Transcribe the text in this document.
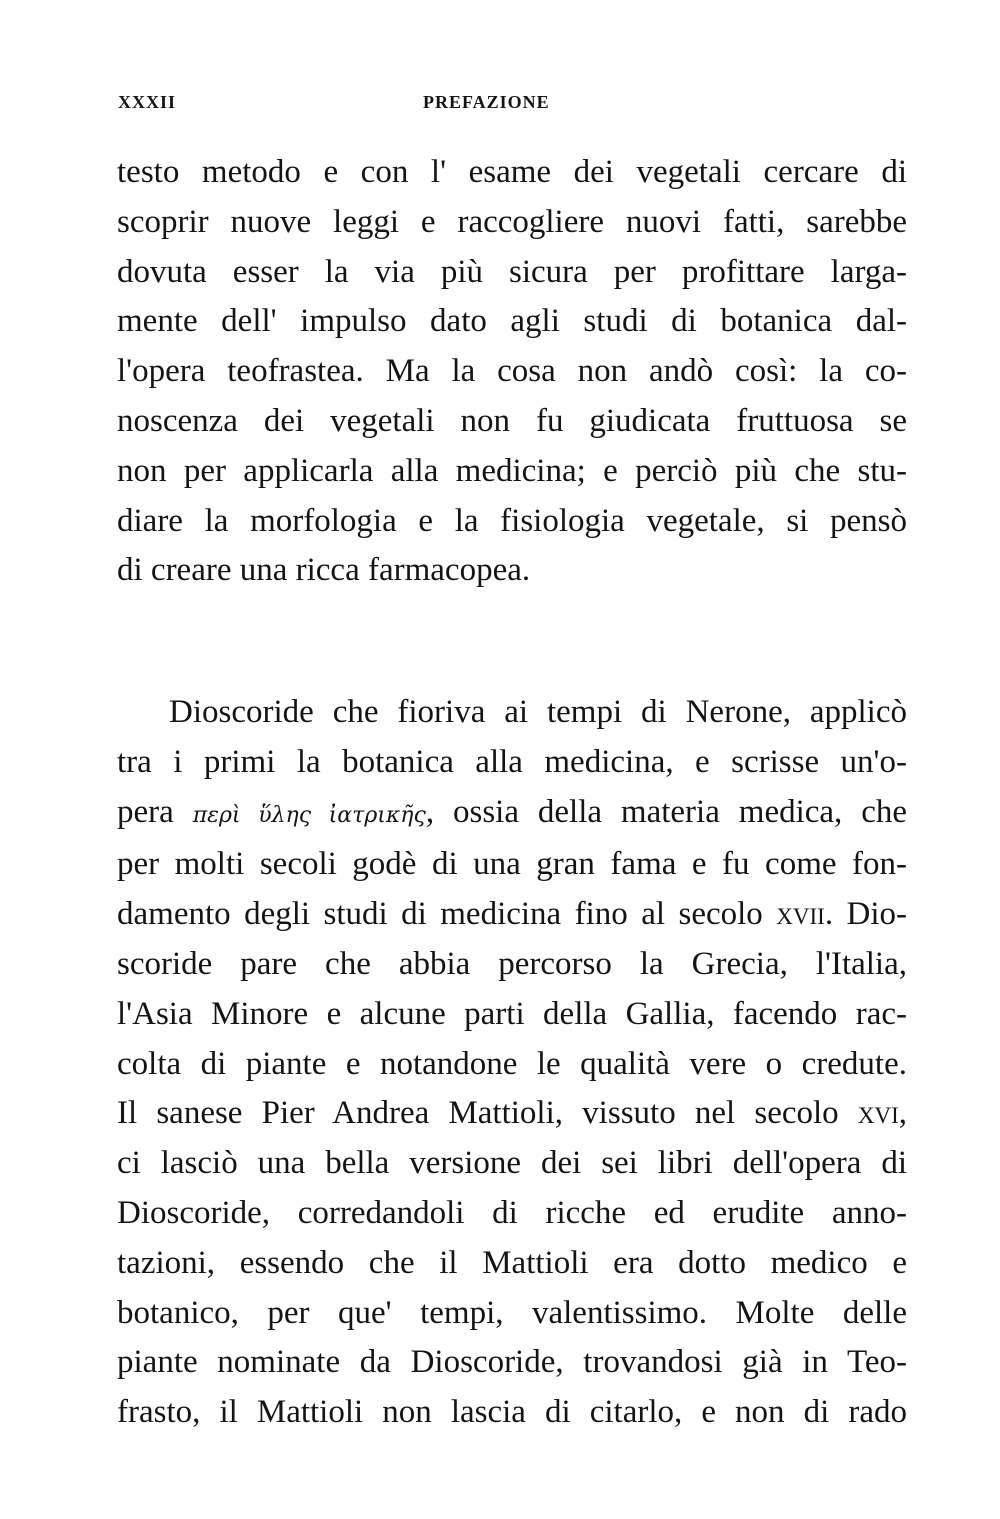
XXXII	PREFAZIONE
testo metodo e con l' esame dei vegetali cercare di
scoprir nuove leggi e raccogliere nuovi fatti, sarebbe
dovuta esser la via più sicura per profittare larga-
mente dell' impulso dato agli studi di botanica dal-
l'opera teofrastea. Ma la cosa non andò così: la co-
noscenza dei vegetali non fu giudicata fruttuosa se
non per applicarla alla medicina; e perciò più che stu-
diare la morfologia e la fisiologia vegetale, si pensò
di creare una ricca farmacopea.
Dioscoride che fioriva ai tempi di Nerone, applicò
tra i primi la botanica alla medicina, e scrisse un'o-
pera περὶ ὕλης ἰατρικῆς, ossia della materia medica, che
per molti secoli godè di una gran fama e fu come fon-
damento degli studi di medicina fino al secolo xvii. Dio-
scoride pare che abbia percorso la Grecia, l'Italia,
l'Asia Minore e alcune parti della Gallia, facendo rac-
colta di piante e notandone le qualità vere o credute.
Il sanese Pier Andrea Mattioli, vissuto nel secolo xvi,
ci lasciò una bella versione dei sei libri dell'opera di
Dioscoride, corredandoli di ricche ed erudite anno-
tazioni, essendo che il Mattioli era dotto medico e
botanico, per que' tempi, valentissimo. Molte delle
piante nominate da Dioscoride, trovandosi già in Teo-
frasto, il Mattioli non lascia di citarlo, e non di rado
